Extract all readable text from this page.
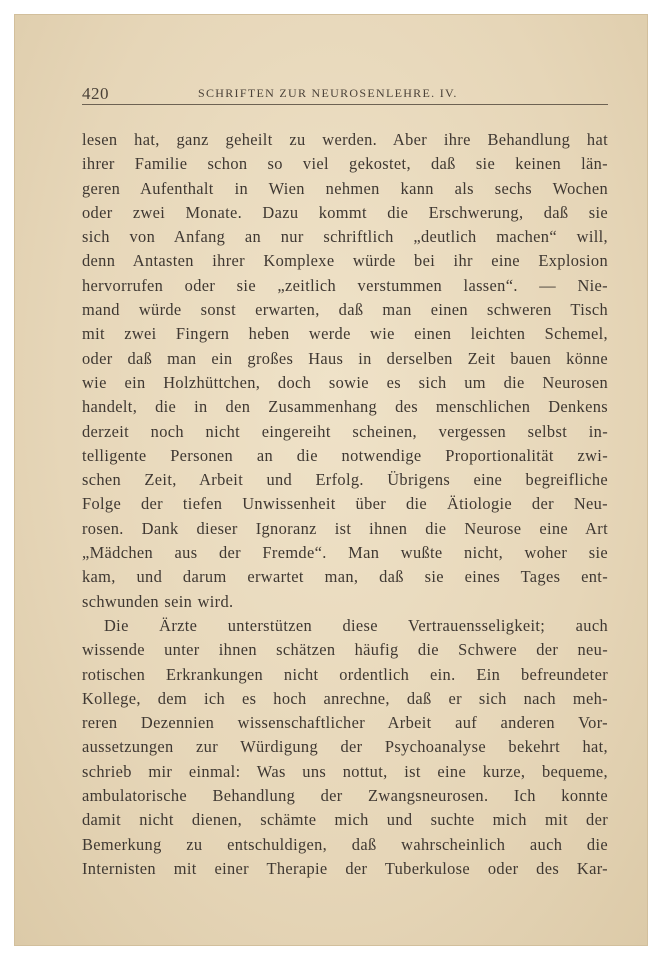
420	SCHRIFTEN ZUR NEUROSENLEHRE. IV.
lesen hat, ganz geheilt zu werden. Aber ihre Behandlung hat
ihrer Familie schon so viel gekostet, daß sie keinen län-
geren Aufenthalt in Wien nehmen kann als sechs Wochen
oder zwei Monate. Dazu kommt die Erschwerung, daß sie
sich von Anfang an nur schriftlich „deutlich machen“ will,
denn Antasten ihrer Komplexe würde bei ihr eine Explosion
hervorrufen oder sie „zeitlich verstummen lassen“. — Nie-
mand würde sonst erwarten, daß man einen schweren Tisch
mit zwei Fingern heben werde wie einen leichten Schemel,
oder daß man ein großes Haus in derselben Zeit bauen könne
wie ein Holzhüttchen, doch sowie es sich um die Neurosen
handelt, die in den Zusammenhang des menschlichen Denkens
derzeit noch nicht eingereiht scheinen, vergessen selbst in-
telligente Personen an die notwendige Proportionalität zwi-
schen Zeit, Arbeit und Erfolg. Übrigens eine begreifliche
Folge der tiefen Unwissenheit über die Ätiologie der Neu-
rosen. Dank dieser Ignoranz ist ihnen die Neurose eine Art
„Mädchen aus der Fremde“. Man wußte nicht, woher sie
kam, und darum erwartet man, daß sie eines Tages ent-
schwunden sein wird.
Die Ärzte unterstützen diese Vertrauensseligkeit; auch
wissende unter ihnen schätzen häufig die Schwere der neu-
rotischen Erkrankungen nicht ordentlich ein. Ein befreundeter
Kollege, dem ich es hoch anrechne, daß er sich nach meh-
reren Dezennien wissenschaftlicher Arbeit auf anderen Vor-
aussetzungen zur Würdigung der Psychoanalyse bekehrt hat,
schrieb mir einmal: Was uns nottut, ist eine kurze, bequeme,
ambulatorische Behandlung der Zwangsneurosen. Ich konnte
damit nicht dienen, schämte mich und suchte mich mit der
Bemerkung zu entschuldigen, daß wahrscheinlich auch die
Internisten mit einer Therapie der Tuberkulose oder des Kar-
